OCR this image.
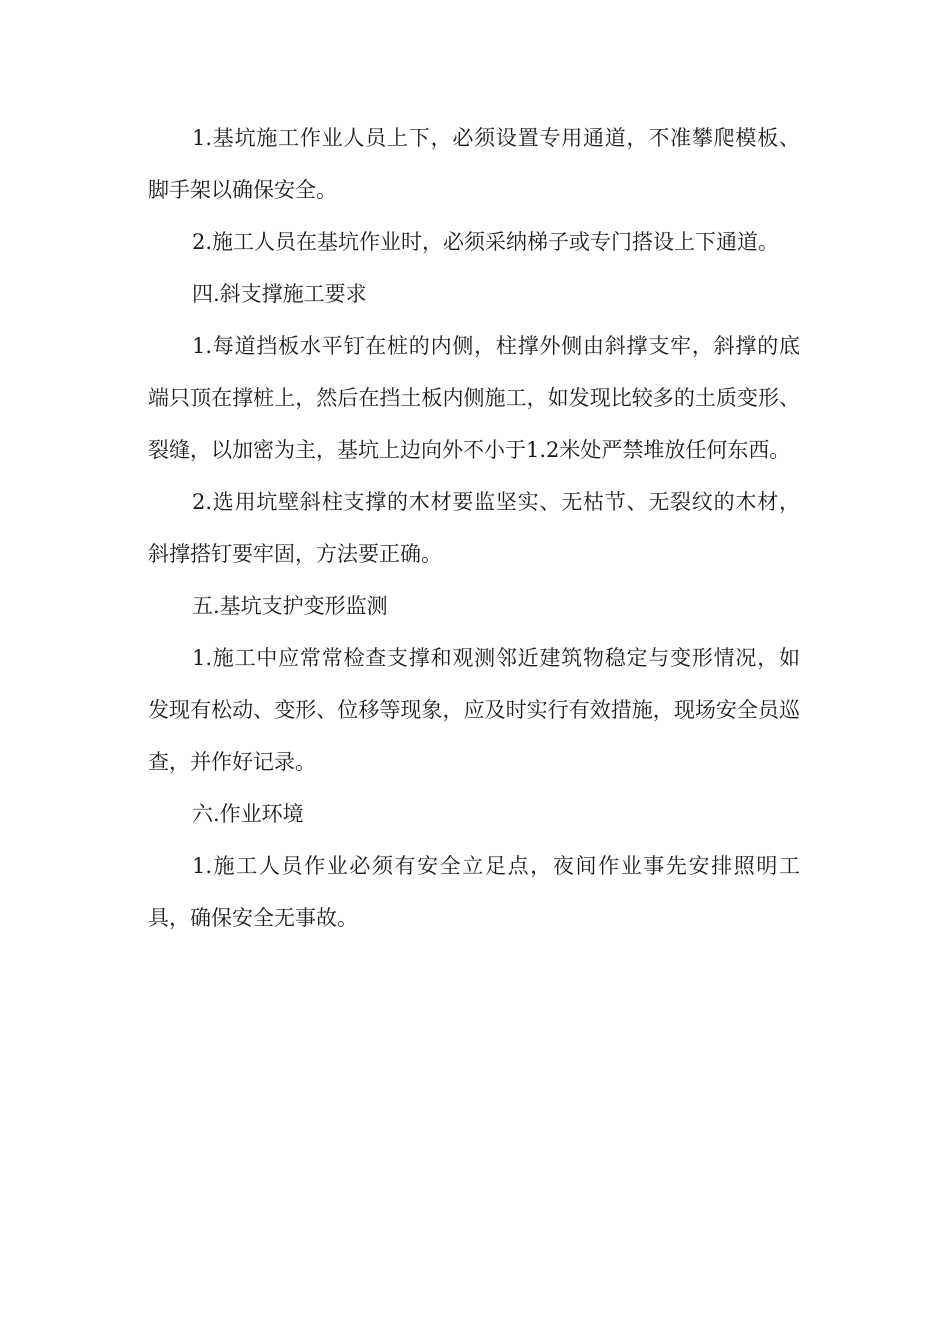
1.基坑施工作业人员上下，必须设置专用通道，不准攀爬模板、脚手架以确保安全。

2.施工人员在基坑作业时，必须采纳梯子或专门搭设上下通道。

四.斜支撑施工要求

1.每道挡板水平钉在桩的内侧，柱撑外侧由斜撑支牢，斜撑的底端只顶在撑桩上，然后在挡土板内侧施工，如发现比较多的土质变形、裂缝，以加密为主，基坑上边向外不小于1.2米处严禁堆放任何东西。

2.选用坑壁斜柱支撑的木材要监坚实、无枯节、无裂纹的木材，斜撑搭钉要牢固，方法要正确。

五.基坑支护变形监测

1.施工中应常常检查支撑和观测邻近建筑物稳定与变形情况，如发现有松动、变形、位移等现象，应及时实行有效措施，现场安全员巡查，并作好记录。

六.作业环境

1.施工人员作业必须有安全立足点，夜间作业事先安排照明工具，确保安全无事故。
